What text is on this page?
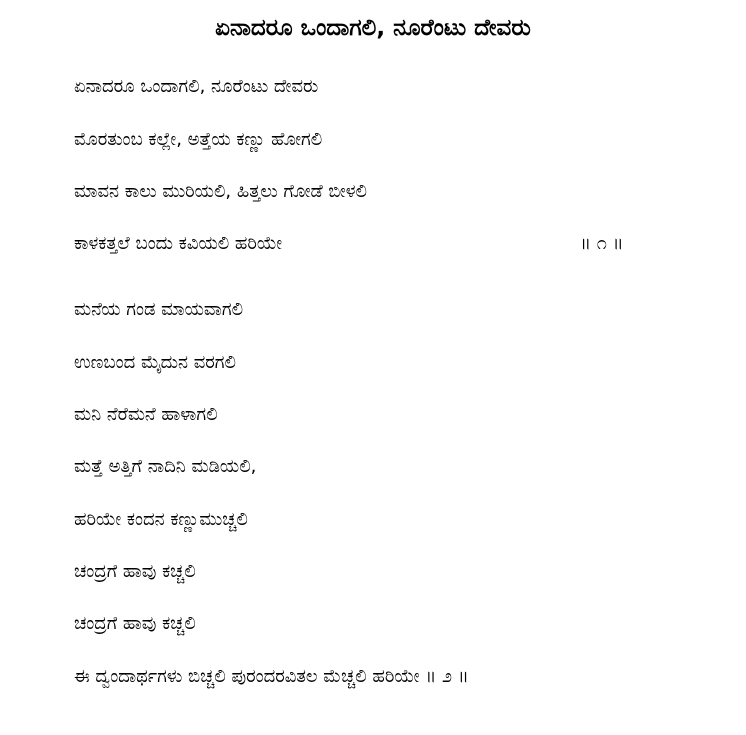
ಏನಾದರೂ ಒಂದಾಗಲಿ, ನೂರೆಂಟು ದೇವರು
ಏನಾದರೂ ಒಂದಾಗಲಿ, ನೂರೆಂಟು ದೇವರು
ಮೊರತುಂಬ ಕಲ್ಲೇ, ಅತ್ತೆಯ ಕಣ್ಣು ಹೋಗಲಿ
ಮಾವನ ಕಾಲು ಮುರಿಯಲಿ, ಹಿತ್ತಲು ಗೋಡೆ ಬೀಳಲಿ
ಕಾಳಕತ್ತಲೆ ಬಂದು ಕವಿಯಲಿ ಹರಿಯೇ	॥ ೧ ॥
ಮನೆಯ ಗಂಡ ಮಾಯವಾಗಲಿ
ಉಣಬಂದ ಮೈದುನ ವರಗಲಿ
ಮನಿ ನೆರೆಮನೆ ಹಾಳಾಗಲಿ
ಮತ್ತೆ ಅತ್ತಿಗೆ ನಾದಿನಿ ಮಡಿಯಲಿ,
ಹರಿಯೇ ಕಂದನ ಕಣ್ಣುಮುಚ್ಚಲಿ
ಚಂದ್ರಗೆ ಹಾವು ಕಚ್ಚಲಿ
ಚಂದ್ರಗೆ ಹಾವು ಕಚ್ಚಲಿ
ಈ ದ್ವಂದಾರ್ಥಗಳು ಬಿಚ್ಚಲಿ ಪುರಂದರವಿತಲ ಮೆಚ್ಚಲಿ ಹರಿಯೇ ॥ ೨ ॥
